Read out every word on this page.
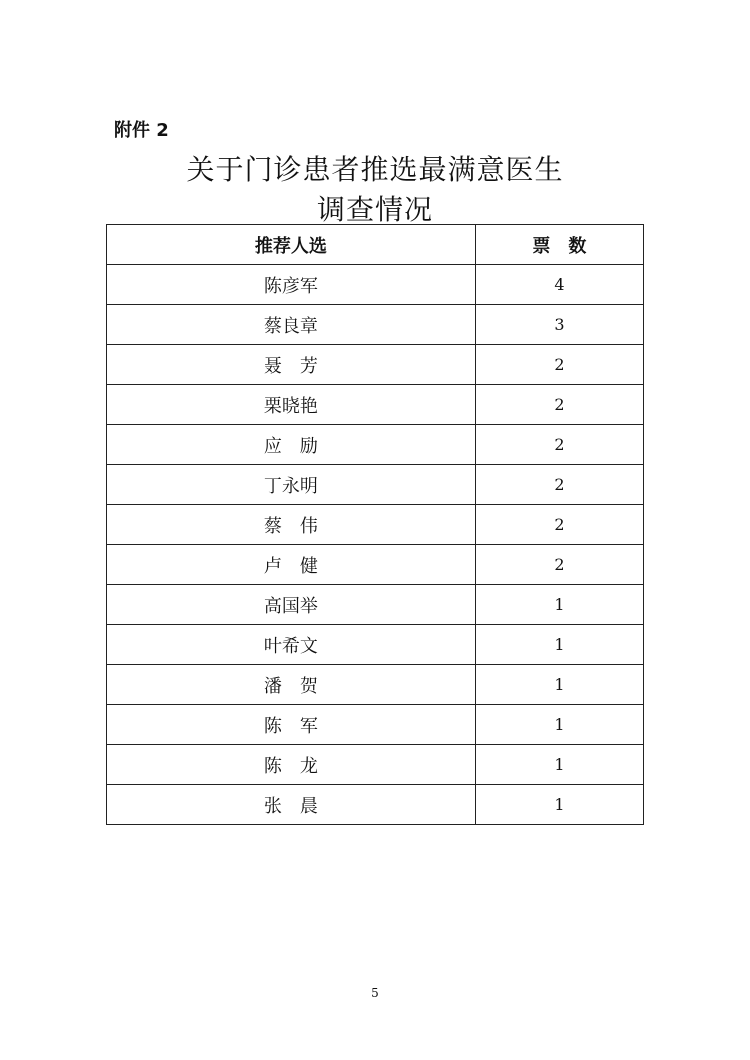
附件 2
关于门诊患者推选最满意医生
调查情况
推荐人选	票　数
陈彦军	4
蔡良章	3
聂　芳	2
栗晓艳	2
应　励	2
丁永明	2
蔡　伟	2
卢　健	2
高国举	1
叶希文	1
潘　贺	1
陈　军	1
陈　龙	1
张　晨	1
5
